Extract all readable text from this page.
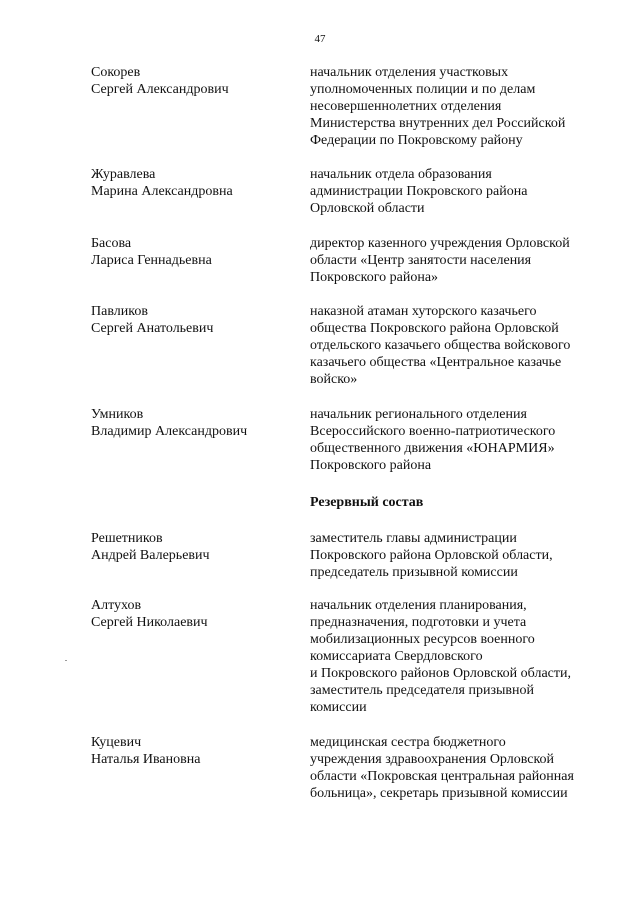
47
Сокорев
Сергей Александрович
начальник отделения участковых
уполномоченных полиции и по делам
несовершеннолетних отделения
Министерства внутренних дел Российской
Федерации по Покровскому району
Журавлева
Марина Александровна
начальник отдела образования
администрации Покровского района
Орловской области
Басова
Лариса Геннадьевна
директор казенного учреждения Орловской
области «Центр занятости населения
Покровского района»
Павликов
Сергей Анатольевич
наказной атаман хуторского казачьего
общества Покровского района Орловской
отдельского казачьего общества войскового
казачьего общества «Центральное казачье
войско»
Умников
Владимир Александрович
начальник регионального отделения
Всероссийского военно-патриотического
общественного движения «ЮНАРМИЯ»
Покровского района
Резервный состав
Решетников
Андрей Валерьевич
заместитель главы администрации
Покровского района Орловской области,
председатель призывной комиссии
Алтухов
Сергей Николаевич
начальник отделения планирования,
предназначения, подготовки и учета
мобилизационных ресурсов военного
комиссариата Свердловского
и Покровского районов Орловской области,
заместитель председателя призывной
комиссии
Куцевич
Наталья Ивановна
медицинская сестра бюджетного
учреждения здравоохранения Орловской
области «Покровская центральная районная
больница», секретарь призывной комиссии
